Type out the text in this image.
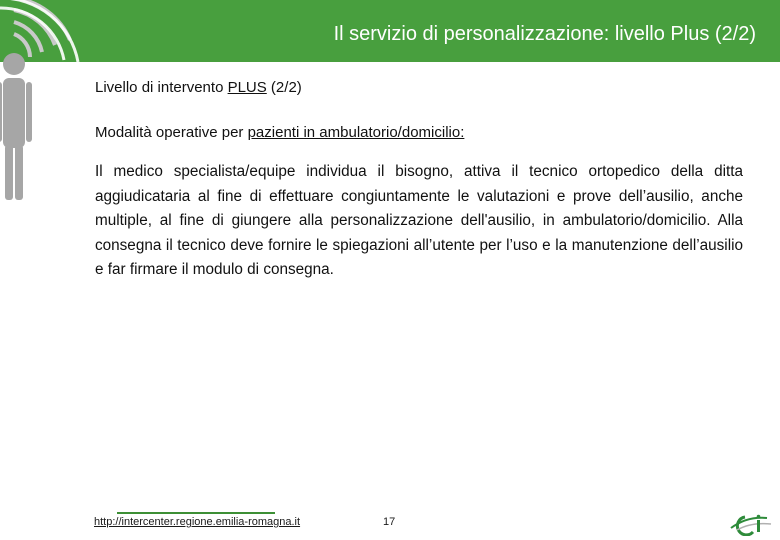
Il servizio di personalizzazione: livello Plus (2/2)

Livello di intervento PLUS (2/2)

Modalità operative per pazienti in ambulatorio/domicilio:

Il medico specialista/equipe individua il bisogno, attiva il tecnico ortopedico della ditta aggiudicataria al fine di effettuare congiuntamente le valutazioni e prove dell’ausilio, anche multiple, al fine di giungere alla personalizzazione dell'ausilio, in ambulatorio/domicilio. Alla consegna il tecnico deve fornire le spiegazioni all’utente per l’uso e la manutenzione dell’ausilio e far firmare il modulo di consegna.

http://intercenter.regione.emilia-romagna.it	17
